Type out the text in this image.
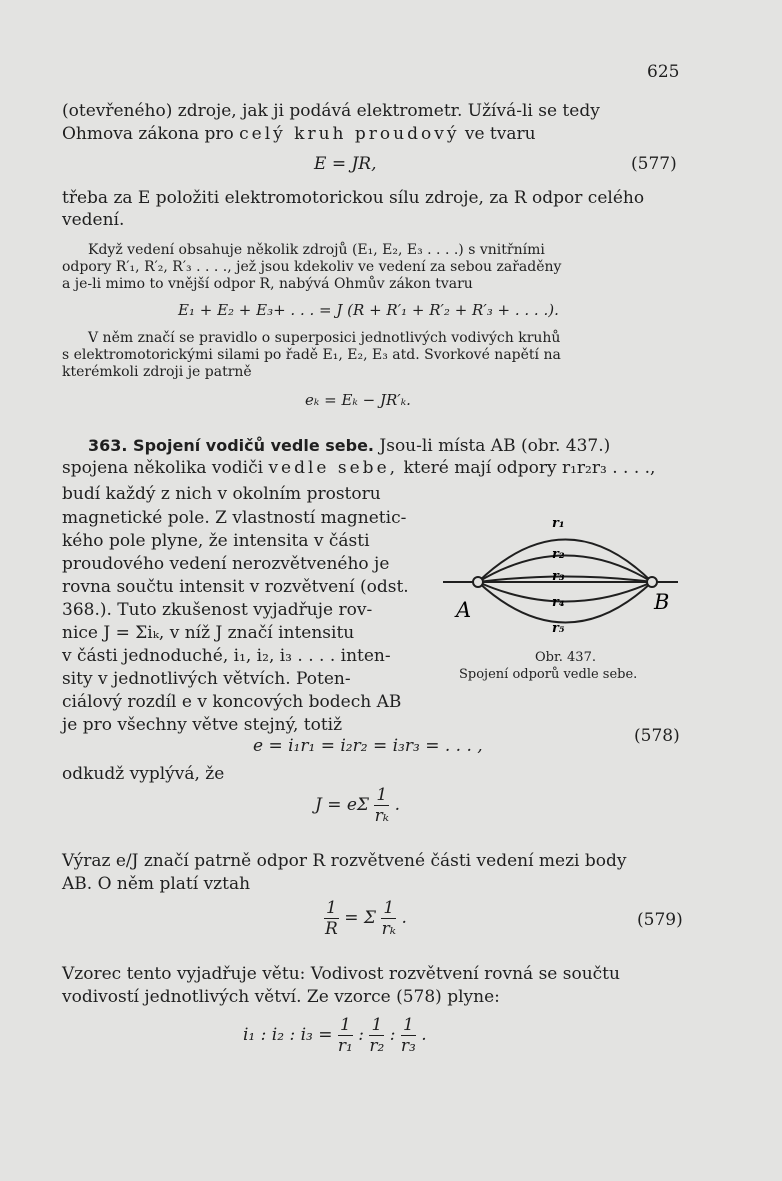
625
(otevřeného) zdroje, jak ji podává elektrometr. Užívá-li se tedy
Ohmova zákona pro celý kruh proudový ve tvaru
E = JR,	(577)
třeba za E položiti elektromotorickou sílu zdroje, za R odpor celého
vedení.
Když vedení obsahuje několik zdrojů (E₁, E₂, E₃ . . . .) s vnitřními
odpory R′₁, R′₂, R′₃ . . . ., jež jsou kdekoliv ve vedení za sebou zařaděny
a je-li mimo to vnější odpor R, nabývá Ohmův zákon tvaru
E₁ + E₂ + E₃+ . . . = J (R + R′₁ + R′₂ + R′₃ + . . . .).
V něm značí se pravidlo o superposici jednotlivých vodivých kruhů
s elektromotorickými silami po řadě E₁, E₂, E₃ atd. Svorkové napětí na
kterémkoli zdroji je patrně
eₖ = Eₖ − JR′ₖ.
363. Spojení vodičů vedle sebe. Jsou-li místa AB (obr. 437.)
spojena několika vodiči vedle sebe, které mají odpory r₁r₂r₃ . . . .,
budí každý z nich v okolním prostoru
magnetické pole. Z vlastností magnetic-
kého pole plyne, že intensita v části
proudového vedení nerozvětveného je
rovna součtu intensit v rozvětvení (odst.
368.). Tuto zkušenost vyjadřuje rov-
nice J = Σiₖ, v níž J značí intensitu
v části jednoduché, i₁, i₂, i₃ . . . . inten-
sity v jednotlivých větvích. Poten-
ciálový rozdíl e v koncových bodech AB
je pro všechny větve stejný, totiž
r₁
r₂
r₃
r₄
r₅
A	B
Obr. 437.
Spojení odporů vedle sebe.
e = i₁r₁ = i₂r₂ = i₃r₃ = . . . ,	(578)
odkudž vyplývá, že
J = eΣ $\frac{1}{\text{rₖ}}$ .
Výraz e/J značí patrně odpor R rozvětvené části vedení mezi body
AB. O něm platí vztah
$\frac{1}{R} = \Sigma \frac{1}{\text{rₖ}}$ .	(579)
Vzorec tento vyjadřuje větu: Vodivost rozvětvení rovná se součtu
vodivostí jednotlivých větví. Ze vzorce (578) plyne:
i₁ : i₂ : $i_3 = \frac{1}{\text{r₁}}$ : $\frac{1}{\text{r₂}}$ : $\frac{1}{\text{r₃}}$ .
